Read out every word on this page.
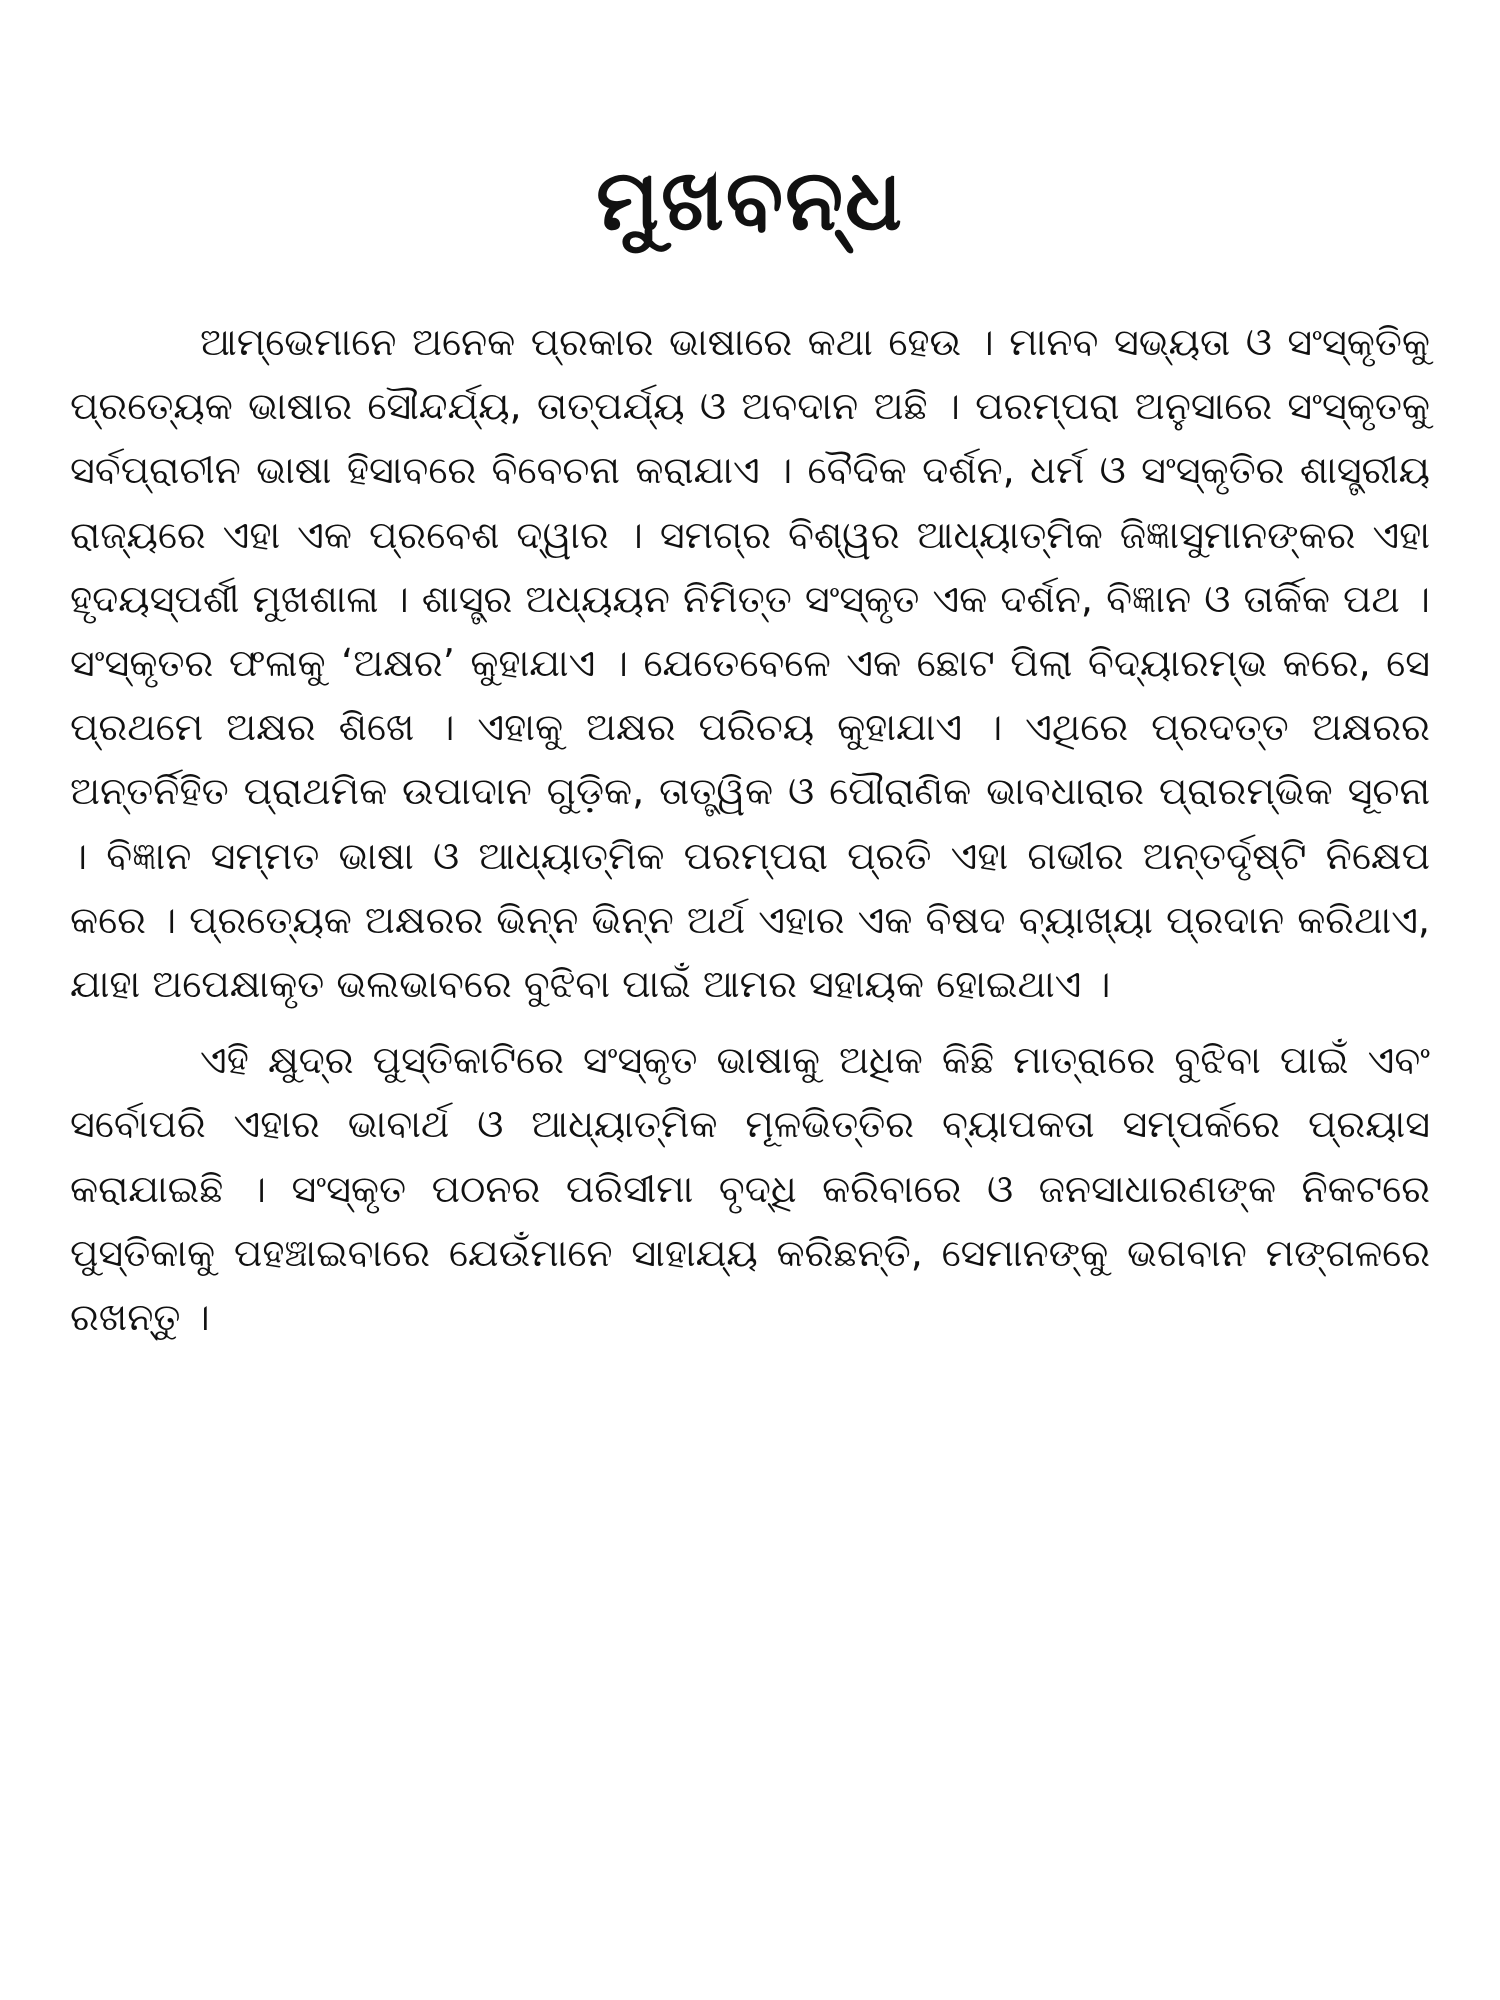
ମୁଖବନ୍ଧ

ଆମ୍ଭେମାନେ ଅନେକ ପ୍ରକାର ଭାଷାରେ କଥା ହେଉ । ମାନବ ସଭ୍ୟତା ଓ ସଂସ୍କୃତିକୁ ପ୍ରତ୍ୟେକ ଭାଷାର ସୌନ୍ଦର୍ଯ୍ୟ, ତାତ୍ପର୍ଯ୍ୟ ଓ ଅବଦାନ ଅଛି । ପରମ୍ପରା ଅନୁସାରେ ସଂସ୍କୃତକୁ ସର୍ବପ୍ରାଚୀନ ଭାଷା ହିସାବରେ ବିବେଚନା କରାଯାଏ । ବୈଦିକ ଦର୍ଶନ, ଧର୍ମ ଓ ସଂସ୍କୃତିର ଶାସ୍ତ୍ରୀୟ ରାଜ୍ୟରେ ଏହା ଏକ ପ୍ରବେଶ ଦ୍ୱାର । ସମଗ୍ର ବିଶ୍ୱର ଆଧ୍ୟାତ୍ମିକ ଜିଜ୍ଞାସୁମାନଙ୍କର ଏହା ହୃଦୟସ୍ପର୍ଶୀ ମୁଖଶାଳା । ଶାସ୍ତ୍ର ଅଧ୍ୟୟନ ନିମିତ୍ତ ସଂସ୍କୃତ ଏକ ଦର୍ଶନ, ବିଜ୍ଞାନ ଓ ତାର୍କିକ ପଥ । ସଂସ୍କୃତର ଫଳାକୁ ‘ଅକ୍ଷର’ କୁହାଯାଏ । ଯେତେବେଳେ ଏକ ଛୋଟ ପିଲା ବିଦ୍ୟାରମ୍ଭ କରେ, ସେ ପ୍ରଥମେ ଅକ୍ଷର ଶିଖେ । ଏହାକୁ ଅକ୍ଷର ପରିଚୟ କୁହାଯାଏ । ଏଥିରେ ପ୍ରଦତ୍ତ ଅକ୍ଷରର ଅନ୍ତର୍ନିହିତ ପ୍ରାଥମିକ ଉପାଦାନ ଗୁଡ଼ିକ, ତାତ୍ତ୍ୱିକ ଓ ପୌରାଣିକ ଭାବଧାରାର ପ୍ରାରମ୍ଭିକ ସୂଚନା । ବିଜ୍ଞାନ ସମ୍ମତ ଭାଷା ଓ ଆଧ୍ୟାତ୍ମିକ ପରମ୍ପରା ପ୍ରତି ଏହା ଗଭୀର ଅନ୍ତର୍ଦୃଷ୍ଟି ନିକ୍ଷେପ କରେ । ପ୍ରତ୍ୟେକ ଅକ୍ଷରର ଭିନ୍ନ ଭିନ୍ନ ଅର୍ଥ ଏହାର ଏକ ବିଷଦ ବ୍ୟାଖ୍ୟା ପ୍ରଦାନ କରିଥାଏ, ଯାହା ଅପେକ୍ଷାକୃତ ଭଲଭାବରେ ବୁଝିବା ପାଇଁ ଆମର ସହାୟକ ହୋଇଥାଏ ।

ଏହି କ୍ଷୁଦ୍ର ପୁସ୍ତିକାଟିରେ ସଂସ୍କୃତ ଭାଷାକୁ ଅଧିକ କିଛି ମାତ୍ରାରେ ବୁଝିବା ପାଇଁ ଏବଂ ସର୍ବୋପରି ଏହାର ଭାବାର୍ଥ ଓ ଆଧ୍ୟାତ୍ମିକ ମୂଳଭିତ୍ତିର ବ୍ୟାପକତା ସମ୍ପର୍କରେ ପ୍ରୟାସ କରାଯାଇଛି । ସଂସ୍କୃତ ପଠନର ପରିସୀମା ବୃଦ୍ଧି କରିବାରେ ଓ ଜନସାଧାରଣଙ୍କ ନିକଟରେ ପୁସ୍ତିକାକୁ ପହଞ୍ଚାଇବାରେ ଯେଉଁମାନେ ସାହାଯ୍ୟ କରିଛନ୍ତି, ସେମାନଙ୍କୁ ଭଗବାନ ମଙ୍ଗଳରେ ରଖନ୍ତୁ ।
